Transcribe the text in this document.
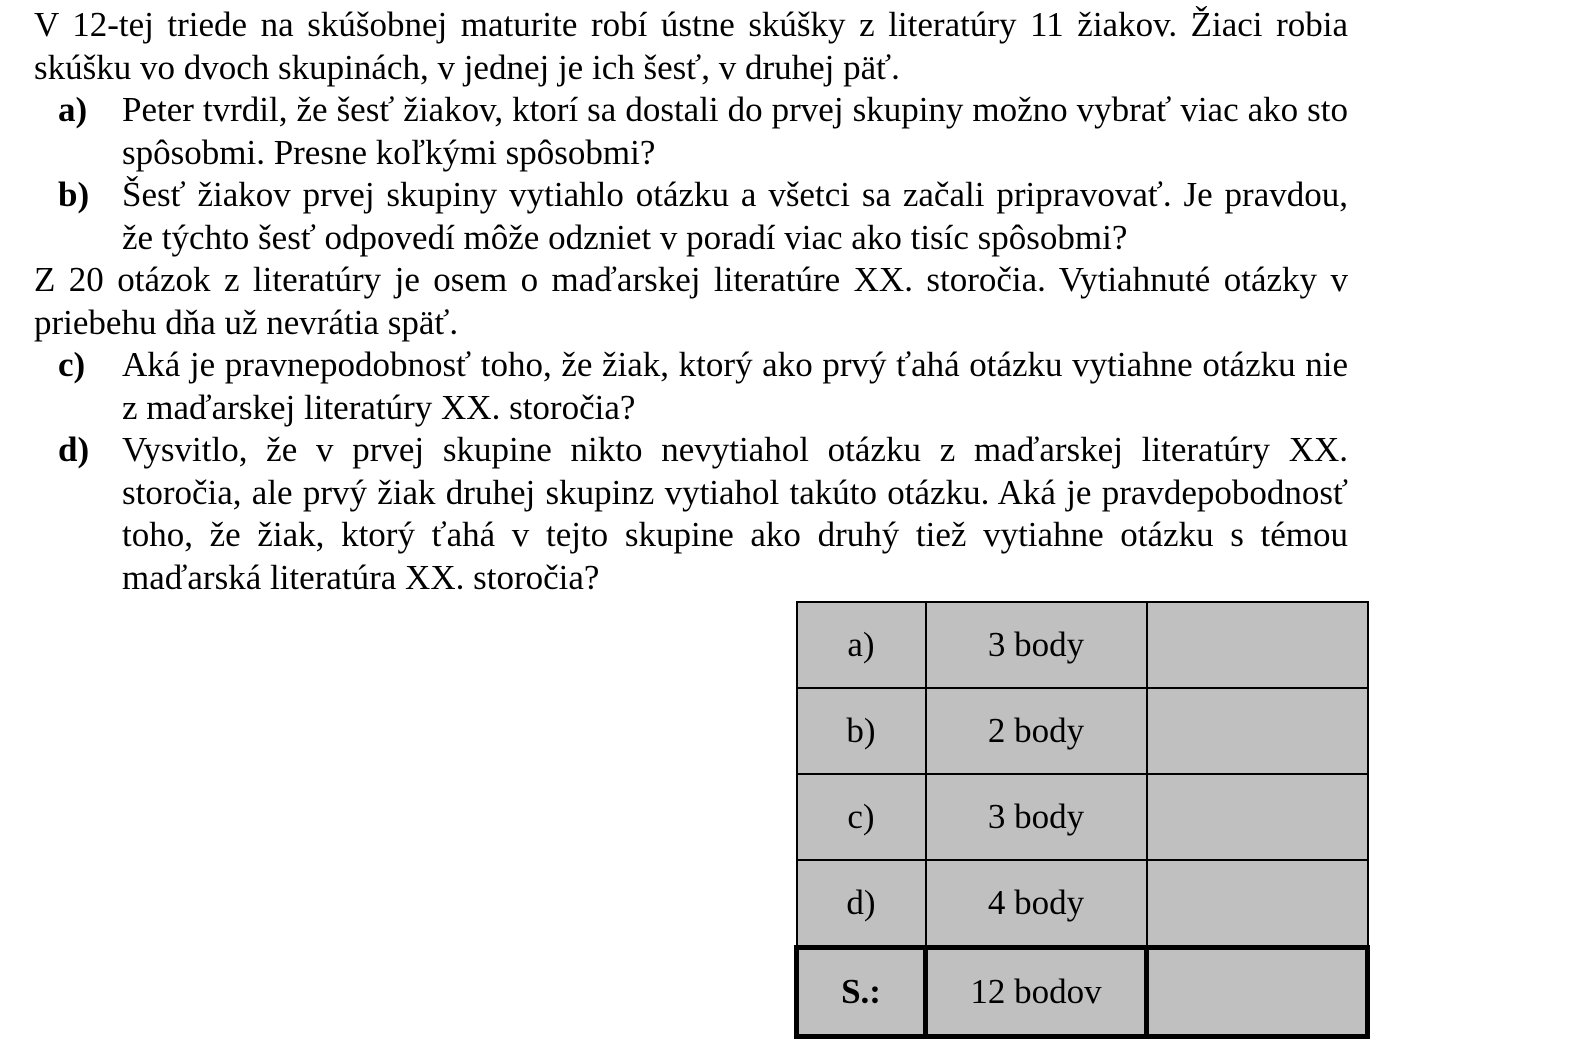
V 12-tej triede na skúšobnej maturite robí ústne skúšky z literatúry 11 žiakov. Žiaci robia skúšku vo dvoch skupinách, v jednej je ich šesť, v druhej päť.

a) Peter tvrdil, že šesť žiakov, ktorí sa dostali do prvej skupiny možno vybrať viac ako sto spôsobmi. Presne koľkými spôsobmi?
b) Šesť žiakov prvej skupiny vytiahlo otázku a všetci sa začali pripravovať. Je pravdou, že týchto šesť odpovedí môže odzniet v poradí viac ako tisíc spôsobmi?

Z 20 otázok z literatúry je osem o maďarskej literatúre XX. storočia. Vytiahnuté otázky v priebehu dňa už nevrátia späť.

c) Aká je pravnepodobnosť toho, že žiak, ktorý ako prvý ťahá otázku vytiahne otázku nie z maďarskej literatúry XX. storočia?
d) Vysvitlo, že v prvej skupine nikto nevytiahol otázku z maďarskej literatúry XX. storočia, ale prvý žiak druhej skupinz vytiahol takúto otázku. Aká je pravdepobodnosť toho, že žiak, ktorý ťahá v tejto skupine ako druhý tiež vytiahne otázku s témou maďarská literatúra XX. storočia?
a)	3 body	
b)	2 body	
c)	3 body	
d)	4 body	
S.:	12 bodov	
